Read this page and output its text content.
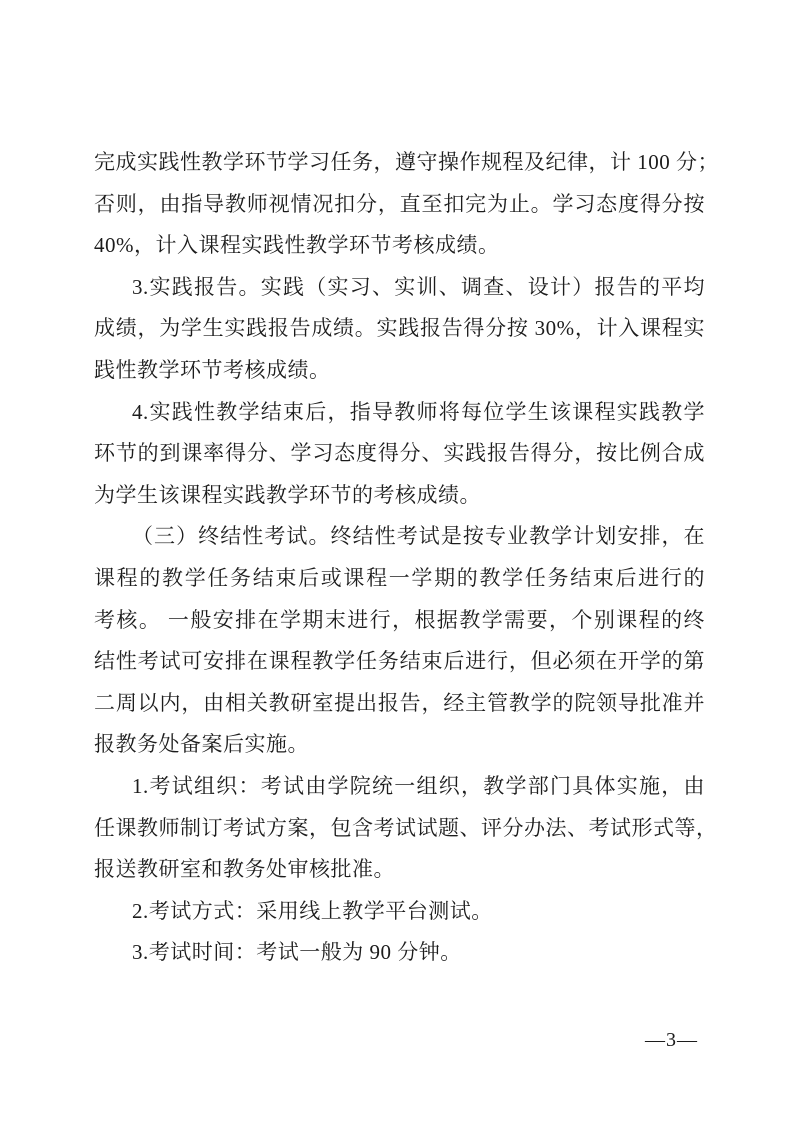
完成实践性教学环节学习任务，遵守操作规程及纪律，计 100 分；
否则，由指导教师视情况扣分，直至扣完为止。学习态度得分按
40%，计入课程实践性教学环节考核成绩。
3.实践报告。实践（实习、实训、调查、设计）报告的平均
成绩，为学生实践报告成绩。实践报告得分按 30%，计入课程实
践性教学环节考核成绩。
4.实践性教学结束后，指导教师将每位学生该课程实践教学
环节的到课率得分、学习态度得分、实践报告得分，按比例合成
为学生该课程实践教学环节的考核成绩。
（三）终结性考试。终结性考试是按专业教学计划安排，在
课程的教学任务结束后或课程一学期的教学任务结束后进行的
考核。 一般安排在学期末进行，根据教学需要，个别课程的终
结性考试可安排在课程教学任务结束后进行，但必须在开学的第
二周以内，由相关教研室提出报告，经主管教学的院领导批准并
报教务处备案后实施。
1.考试组织：考试由学院统一组织，教学部门具体实施，由
任课教师制订考试方案，包含考试试题、评分办法、考试形式等，
报送教研室和教务处审核批准。
2.考试方式：采用线上教学平台测试。
3.考试时间：考试一般为 90 分钟。
—3—
